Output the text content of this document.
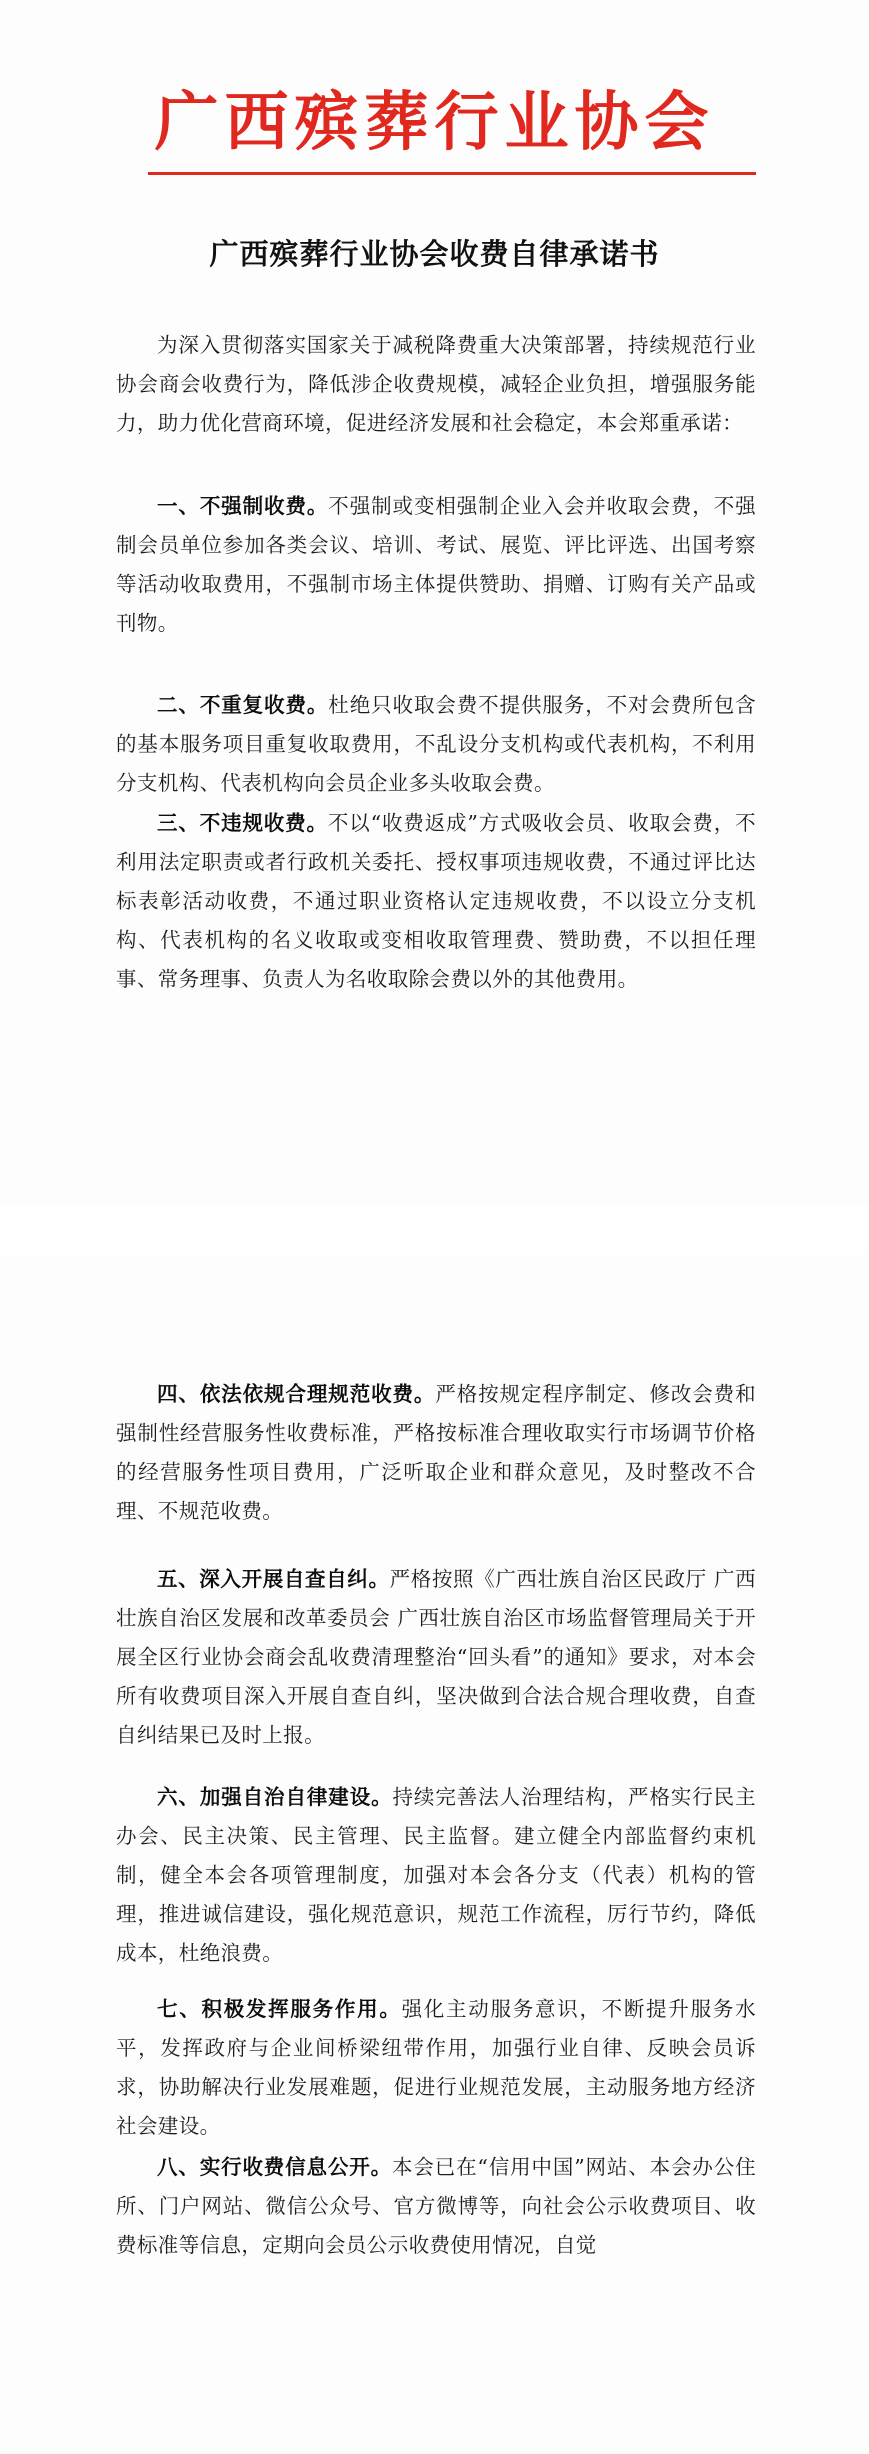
广西殡葬行业协会
广西殡葬行业协会收费自律承诺书

为深入贯彻落实国家关于减税降费重大决策部署，持续规范行业协会商会收费行为，降低涉企收费规模，减轻企业负担，增强服务能力，助力优化营商环境，促进经济发展和社会稳定，本会郑重承诺：

一、不强制收费。不强制或变相强制企业入会并收取会费，不强制会员单位参加各类会议、培训、考试、展览、评比评选、出国考察等活动收取费用，不强制市场主体提供赞助、捐赠、订购有关产品或刊物。

二、不重复收费。杜绝只收取会费不提供服务，不对会费所包含的基本服务项目重复收取费用，不乱设分支机构或代表机构，不利用分支机构、代表机构向会员企业多头收取会费。

三、不违规收费。不以“收费返成”方式吸收会员、收取会费，不利用法定职责或者行政机关委托、授权事项违规收费，不通过评比达标表彰活动收费，不通过职业资格认定违规收费，不以设立分支机构、代表机构的名义收取或变相收取管理费、赞助费，不以担任理事、常务理事、负责人为名收取除会费以外的其他费用。

四、依法依规合理规范收费。严格按规定程序制定、修改会费和强制性经营服务性收费标准，严格按标准合理收取实行市场调节价格的经营服务性项目费用，广泛听取企业和群众意见，及时整改不合理、不规范收费。

五、深入开展自查自纠。严格按照《广西壮族自治区民政厅 广西壮族自治区发展和改革委员会 广西壮族自治区市场监督管理局关于开展全区行业协会商会乱收费清理整治“回头看”的通知》要求，对本会所有收费项目深入开展自查自纠，坚决做到合法合规合理收费，自查自纠结果已及时上报。

六、加强自治自律建设。持续完善法人治理结构，严格实行民主办会、民主决策、民主管理、民主监督。建立健全内部监督约束机制，健全本会各项管理制度，加强对本会各分支（代表）机构的管理，推进诚信建设，强化规范意识，规范工作流程，厉行节约，降低成本，杜绝浪费。

七、积极发挥服务作用。强化主动服务意识，不断提升服务水平，发挥政府与企业间桥梁纽带作用，加强行业自律、反映会员诉求，协助解决行业发展难题，促进行业规范发展，主动服务地方经济社会建设。

八、实行收费信息公开。本会已在“信用中国”网站、本会办公住所、门户网站、微信公众号、官方微博等，向社会公示收费项目、收费标准等信息，定期向会员公示收费使用情况，自觉
